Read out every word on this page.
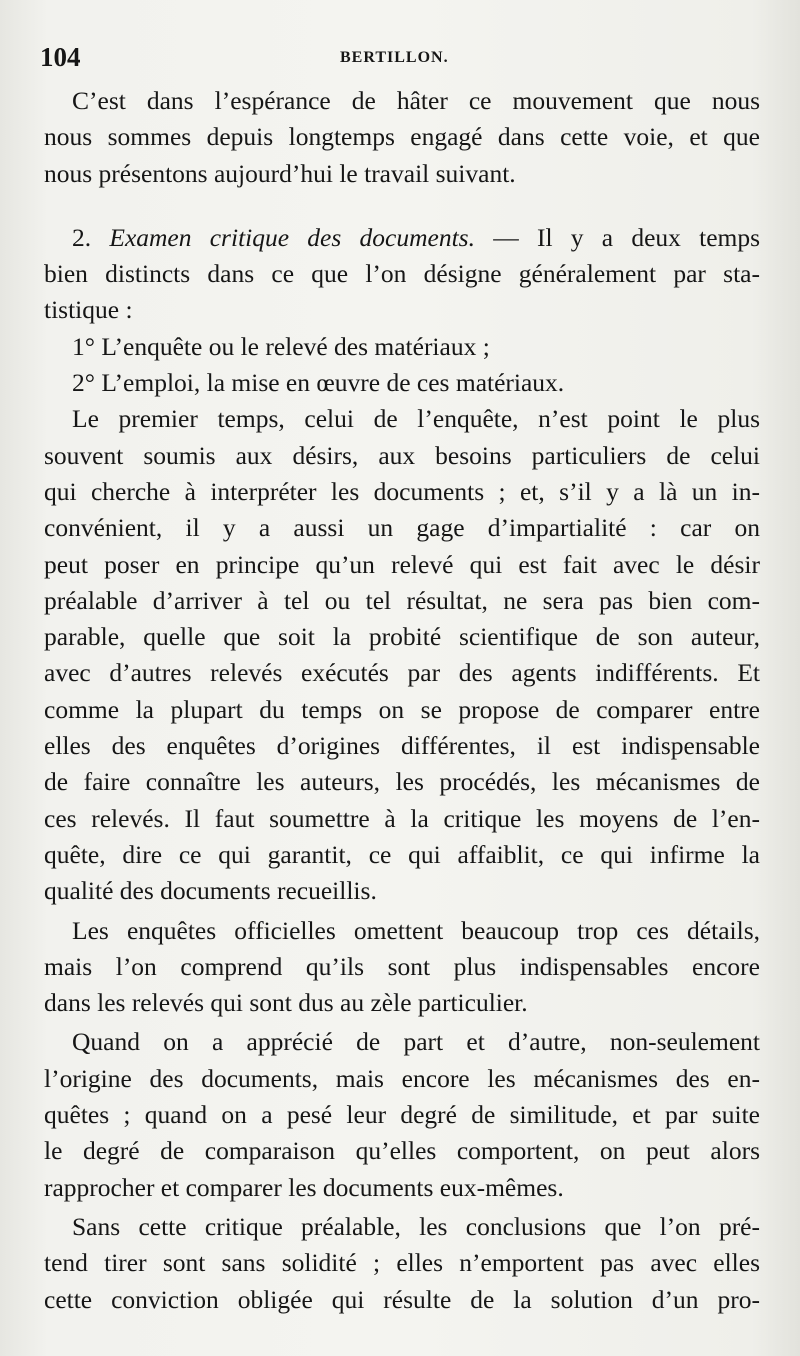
104	BERTILLON.
C’est dans l’espérance de hâter ce mouvement que nous
nous sommes depuis longtemps engagé dans cette voie, et que
nous présentons aujourd’hui le travail suivant.
2. Examen critique des documents. — Il y a deux temps
bien distincts dans ce que l’on désigne généralement par sta-
tistique :
1° L’enquête ou le relevé des matériaux ;
2° L’emploi, la mise en œuvre de ces matériaux.
Le premier temps, celui de l’enquête, n’est point le plus
souvent soumis aux désirs, aux besoins particuliers de celui
qui cherche à interpréter les documents ; et, s’il y a là un in-
convénient, il y a aussi un gage d’impartialité : car on
peut poser en principe qu’un relevé qui est fait avec le désir
préalable d’arriver à tel ou tel résultat, ne sera pas bien com-
parable, quelle que soit la probité scientifique de son auteur,
avec d’autres relevés exécutés par des agents indifférents. Et
comme la plupart du temps on se propose de comparer entre
elles des enquêtes d’origines différentes, il est indispensable
de faire connaître les auteurs, les procédés, les mécanismes de
ces relevés. Il faut soumettre à la critique les moyens de l’en-
quête, dire ce qui garantit, ce qui affaiblit, ce qui infirme la
qualité des documents recueillis.
Les enquêtes officielles omettent beaucoup trop ces détails,
mais l’on comprend qu’ils sont plus indispensables encore
dans les relevés qui sont dus au zèle particulier.
Quand on a apprécié de part et d’autre, non-seulement
l’origine des documents, mais encore les mécanismes des en-
quêtes ; quand on a pesé leur degré de similitude, et par suite
le degré de comparaison qu’elles comportent, on peut alors
rapprocher et comparer les documents eux-mêmes.
Sans cette critique préalable, les conclusions que l’on pré-
tend tirer sont sans solidité ; elles n’emportent pas avec elles
cette conviction obligée qui résulte de la solution d’un pro-
